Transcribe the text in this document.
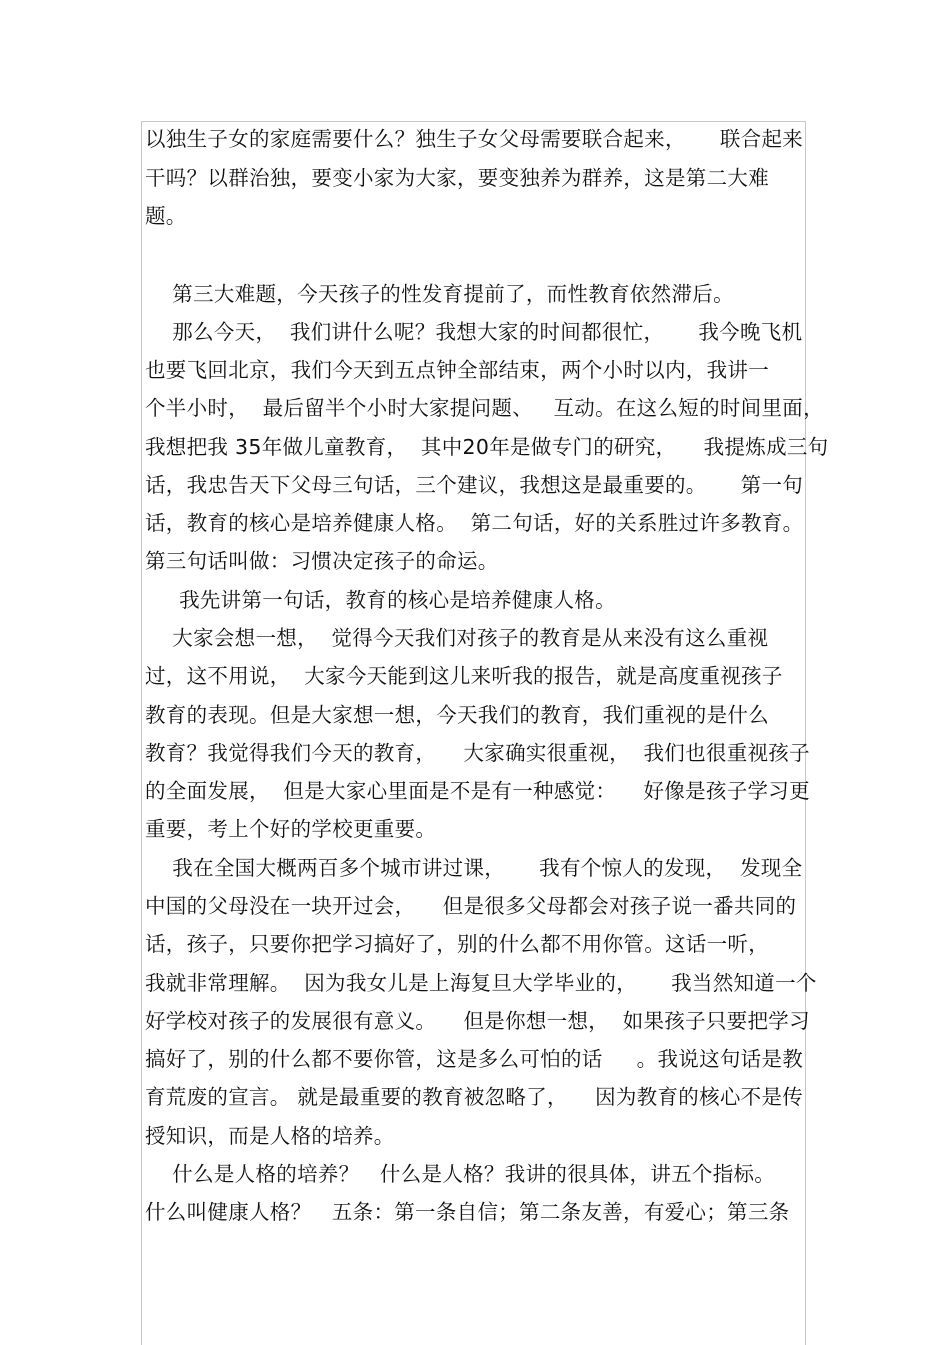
以独生子女的家庭需要什么？独生子女父母需要联合起来，     联合起来
干吗？以群治独，要变小家为大家，要变独养为群养，这是第二大难
题。
第三大难题，今天孩子的性发育提前了，而性教育依然滞后。
那么今天，  我们讲什么呢？我想大家的时间都很忙，     我今晚飞机
也要飞回北京，我们今天到五点钟全部结束，两个小时以内，我讲一
个半小时，  最后留半个小时大家提问题、   互动。在这么短的时间里面，
我想把我 35年做儿童教育，  其中20年是做专门的研究，    我提炼成三句
话，我忠告天下父母三句话，三个建议，我想这是最重要的。     第一句
话，教育的核心是培养健康人格。  第二句话，好的关系胜过许多教育。
第三句话叫做：习惯决定孩子的命运。
我先讲第一句话，教育的核心是培养健康人格。
大家会想一想，  觉得今天我们对孩子的教育是从来没有这么重视
过，这不用说，  大家今天能到这儿来听我的报告，就是高度重视孩子
教育的表现。但是大家想一想，今天我们的教育，我们重视的是什么
教育？我觉得我们今天的教育，    大家确实很重视，  我们也很重视孩子
的全面发展，  但是大家心里面是不是有一种感觉：    好像是孩子学习更
重要，考上个好的学校更重要。
我在全国大概两百多个城市讲过课，     我有个惊人的发现，  发现全
中国的父母没在一块开过会，    但是很多父母都会对孩子说一番共同的
话，孩子，只要你把学习搞好了，别的什么都不用你管。这话一听，
我就非常理解。  因为我女儿是上海复旦大学毕业的，     我当然知道一个
好学校对孩子的发展很有意义。    但是你想一想，  如果孩子只要把学习
搞好了，别的什么都不要你管，这是多么可怕的话     。我说这句话是教
育荒废的宣言。 就是最重要的教育被忽略了，    因为教育的核心不是传
授知识，而是人格的培养。
什么是人格的培养？   什么是人格？我讲的很具体，讲五个指标。
什么叫健康人格？   五条：第一条自信；第二条友善，有爱心；第三条
